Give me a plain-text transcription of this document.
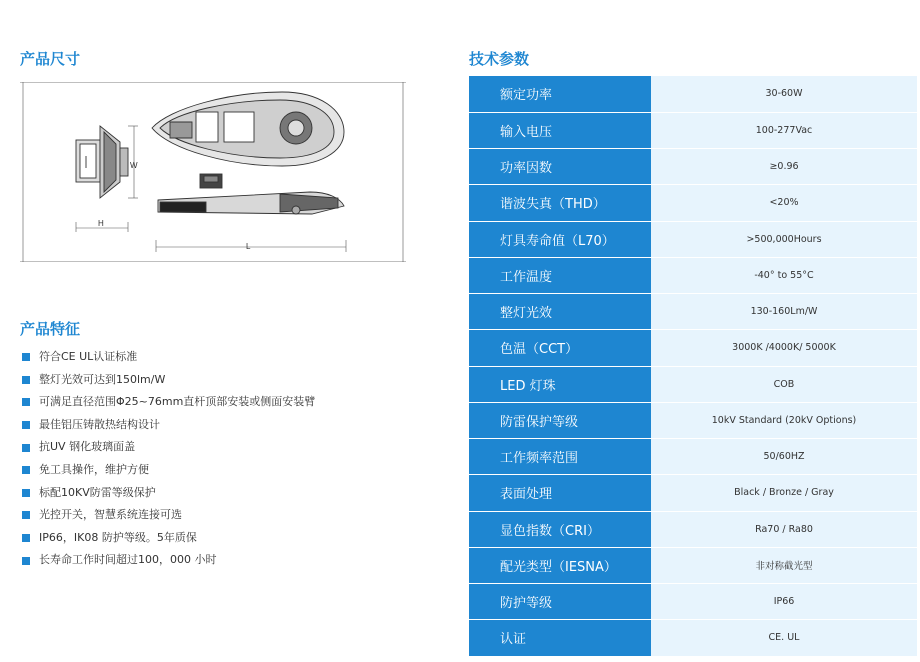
产品尺寸
W
H
L
产品特征
符合CE UL认证标准
整灯光效可达到150lm/W
可满足直径范围Φ25~76mm直杆顶部安装或侧面安装臂
最佳铝压铸散热结构设计
抗UV 钢化玻璃面盖
免工具操作，维护方便
标配10KV防雷等级保护
光控开关，智慧系统连接可选
IP66，IK08 防护等级。5年质保
长寿命工作时间超过100，000 小时
技术参数
额定功率	30-60W
输入电压	100-277Vac
功率因数	≥0.96
谐波失真（THD）	<20%
灯具寿命值（L70）	>500,000Hours
工作温度	-40° to 55°C
整灯光效	130-160Lm/W
色温（CCT）	3000K /4000K/ 5000K
LED 灯珠	COB
防雷保护等级	10kV Standard (20kV Options)
工作频率范围	50/60HZ
表面处理	Black / Bronze / Gray
显色指数（CRI）	Ra70 / Ra80
配光类型（IESNA）	非对称截光型
防护等级	IP66
认证	CE. UL
